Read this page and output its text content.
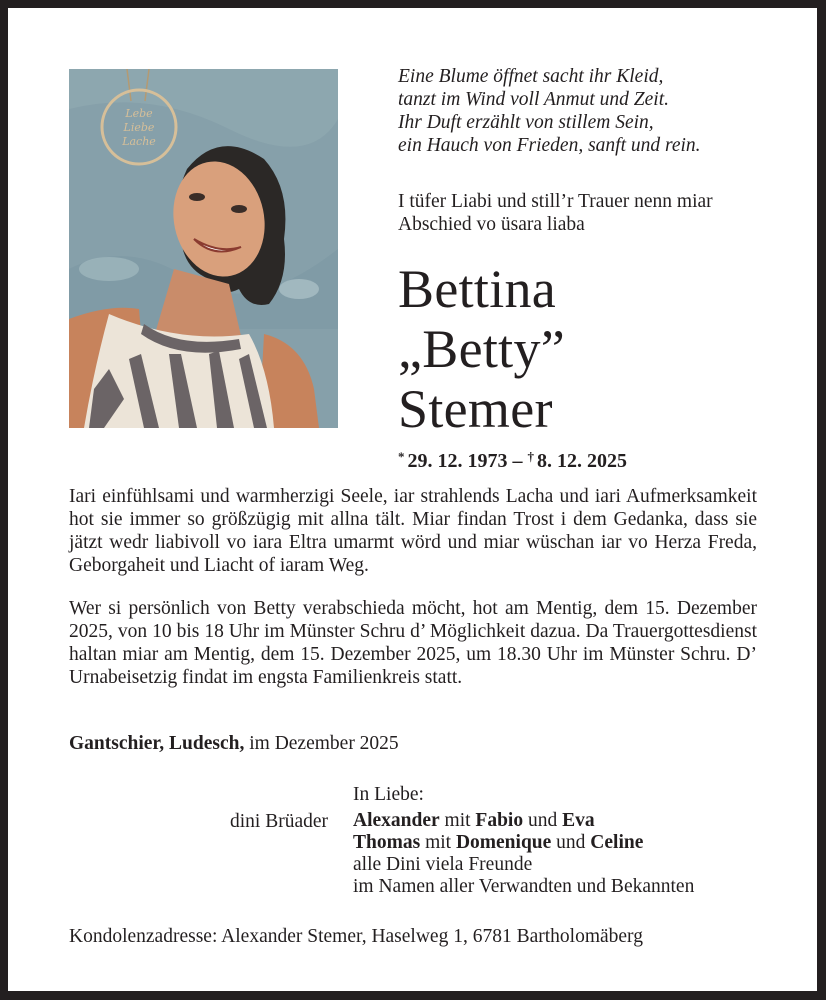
Lebe
Liebe
Lache
Eine Blume öffnet sacht ihr Kleid,
tanzt im Wind voll Anmut und Zeit.
Ihr Duft erzählt von stillem Sein,
ein Hauch von Frieden, sanft und rein.
I tüfer Liabi und still’r Trauer nenn miar
Abschied vo üsara liaba
Bettina
„Betty”
Stemer
* 29. 12. 1973 – † 8. 12. 2025
Iari einfühlsami und warmherzigi Seele, iar strahlends Lacha und iari Aufmerksamkeit hot sie immer so größzügig mit allna tält. Miar findan Trost i dem Gedanka, dass sie jätzt wedr liabivoll vo iara Eltra umarmt wörd und miar wüschan iar vo Herza Freda, Geborgaheit und Liacht of iaram Weg.
Wer si persönlich von Betty verabschieda möcht, hot am Mentig, dem 15. Dezember 2025, von 10 bis 18 Uhr im Münster Schru d’ Möglichkeit dazua. Da Trauergottesdienst haltan miar am Mentig, dem 15. Dezember 2025, um 18.30 Uhr im Münster Schru. D’ Urnabeisetzig findat im engsta Familienkreis statt.
Gantschier, Ludesch, im Dezember 2025
In Liebe:
dini Brüader Alexander mit Fabio und Eva
Thomas mit Domenique und Celine
alle Dini viela Freunde
im Namen aller Verwandten und Bekannten
Kondolenzadresse: Alexander Stemer, Haselweg 1, 6781 Bartholomäberg
